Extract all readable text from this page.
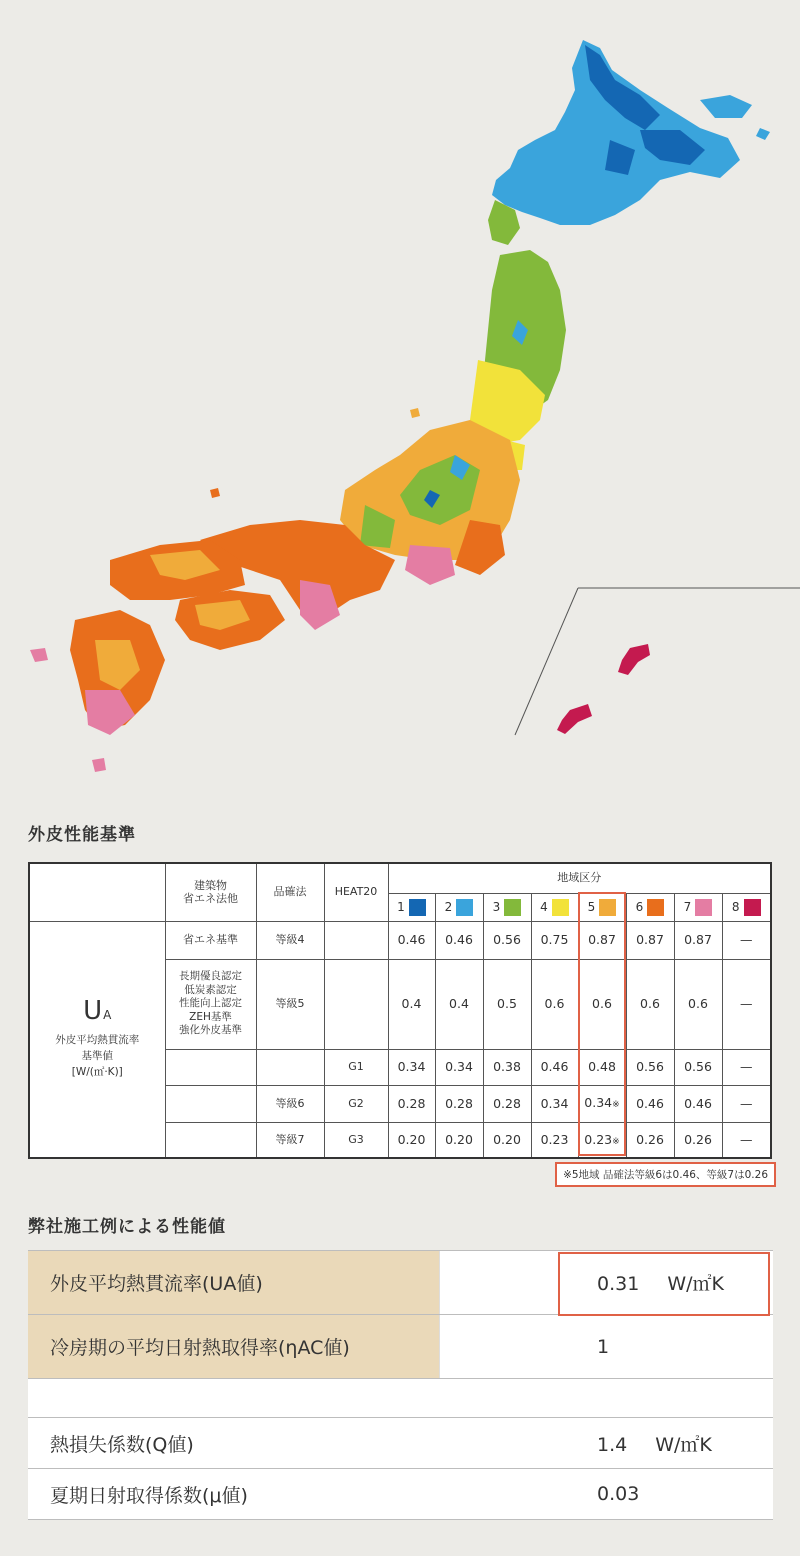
外皮性能基準
	建築物
省エネ法他	品確法	HEAT20	地域区分							
				1	2	3	4	5	6	7	8

UA
外皮平均熱貫流率
基準値
[W/(㎡·K)]	省エネ基準	等級4		0.46	0.46	0.56	0.75	0.87	0.87	0.87	—

	長期優良認定
低炭素認定
性能向上認定
ZEH基準
強化外皮基準	等級5		0.4	0.4	0.5	0.6	0.6	0.6	0.6	—
			G1	0.34	0.34	0.38	0.46	0.48	0.56	0.56	—
		等級6	G2	0.28	0.28	0.28	0.34	0.34※	0.46	0.46	—
		等級7	G3	0.20	0.20	0.20	0.23	0.23※	0.26	0.26	—
※5地域 品確法等級6は0.46、等級7は0.26
弊社施工例による性能値
外皮平均熱貫流率(UA値)		0.31 W/㎡K
冷房期の平均日射熱取得率(ηAC値)		1

熱損失係数(Q値)		1.4 W/㎡K
夏期日射取得係数(μ値)		0.03
